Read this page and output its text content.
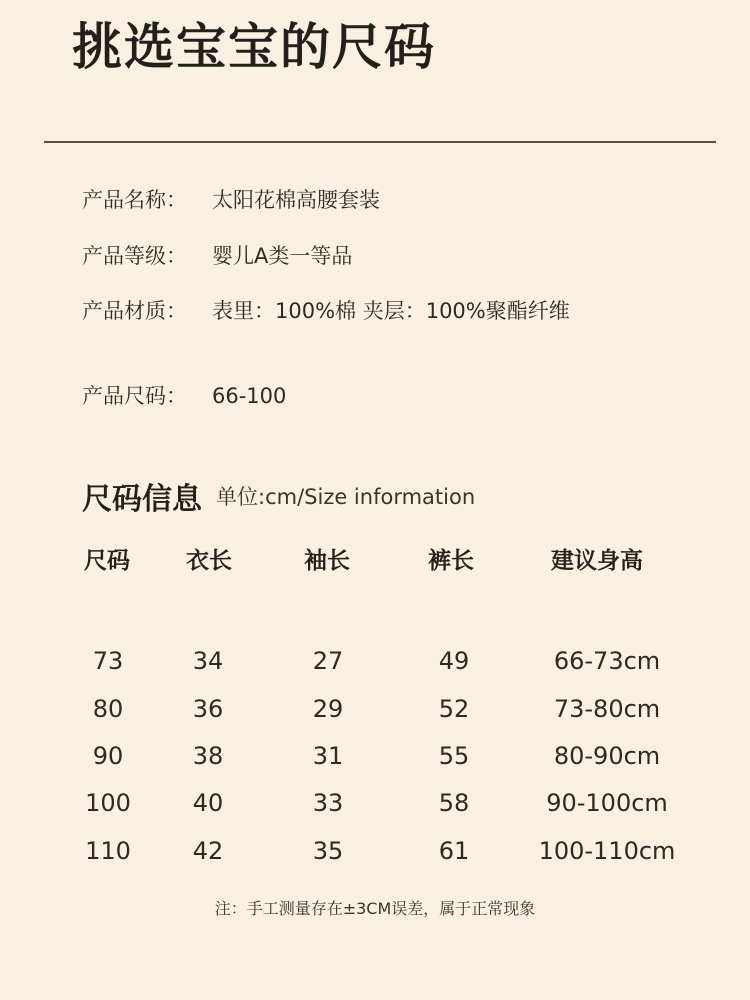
挑选宝宝的尺码
产品名称： 太阳花棉高腰套装
产品等级： 婴儿A类一等品
产品材质： 表里：100%棉 夹层：100%聚酯纤维
产品尺码： 66-100
尺码信息 单位:cm/Size information
尺码 衣长	袖长	裤长	建议身高
73	34	27	49	66-73cm
80	36	29	52	73-80cm
90	38	31	55	80-90cm
100	40	33	58	90-100cm
110	42	35	61	100-110cm
注：手工测量存在±3CM误差，属于正常现象
